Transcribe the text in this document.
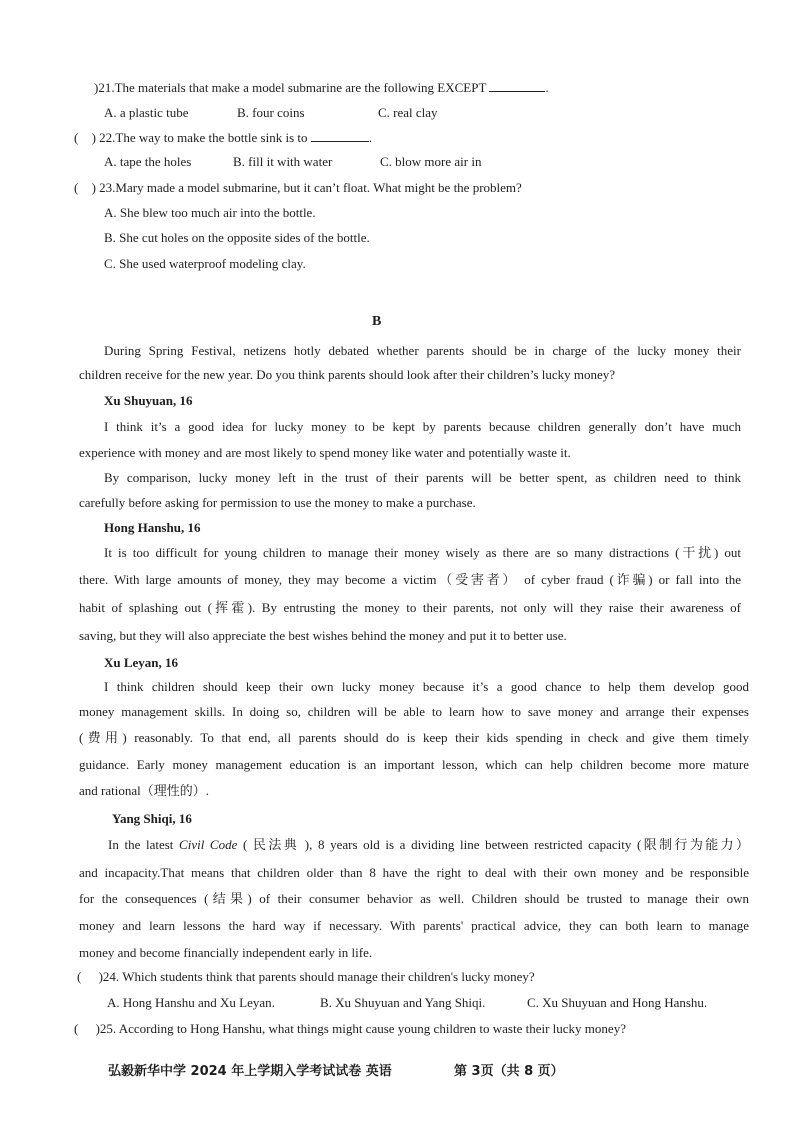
)21.The materials that make a model submarine are the following EXCEPT	.
A. a plastic tube	B. four coins	C. real clay
( ) 22.The way to make the bottle sink is to	.
A. tape the holes	B. fill it with water	C. blow more air in
( ) 23.Mary made a model submarine, but it can’t float. What might be the problem?
A. She blew too much air into the bottle.
B. She cut holes on the opposite sides of the bottle.
C. She used waterproof modeling clay.
B
During Spring Festival, netizens hotly debated whether parents should be in charge of the lucky money their
children receive for the new year. Do you think parents should look after their children’s lucky money?
Xu Shuyuan, 16
I think it’s a good idea for lucky money to be kept by parents because children generally don’t have much
experience with money and are most likely to spend money like water and potentially waste it.
By comparison, lucky money left in the trust of their parents will be better spent, as children need to think
carefully before asking for permission to use the money to make a purchase.
Hong Hanshu, 16
It is too difficult for young children to manage their money wisely as there are so many distractions (干扰) out
there. With large amounts of money, they may become a victim（受害者） of cyber fraud (诈骗) or fall into the
habit of splashing out (挥霍). By entrusting the money to their parents, not only will they raise their awareness of
saving, but they will also appreciate the best wishes behind the money and put it to better use.
Xu Leyan, 16
I think children should keep their own lucky money because it’s a good chance to help them develop good
money management skills. In doing so, children will be able to learn how to save money and arrange their expenses
(费用) reasonably. To that end, all parents should do is keep their kids spending in check and give them timely
guidance. Early money management education is an important lesson, which can help children become more mature
and rational（理性的）.
Yang Shiqi, 16
In the latest Civil Code ( 民法典 ), 8 years old is a dividing line between restricted capacity (限制行为能力）
and incapacity.That means that children older than 8 have the right to deal with their own money and be responsible
for the consequences (结果) of their consumer behavior as well. Children should be trusted to manage their own
money and learn lessons the hard way if necessary. With parents' practical advice, they can both learn to manage
money and become financially independent early in life.
( )24. Which students think that parents should manage their children's lucky money?
A. Hong Hanshu and Xu Leyan.	B. Xu Shuyuan and Yang Shiqi.	C. Xu Shuyuan and Hong Hanshu.
( )25. According to Hong Hanshu, what things might cause young children to waste their lucky money?
弘毅新华中学 2024 年上学期入学考试试卷 英语	第 3页（共 8 页）
